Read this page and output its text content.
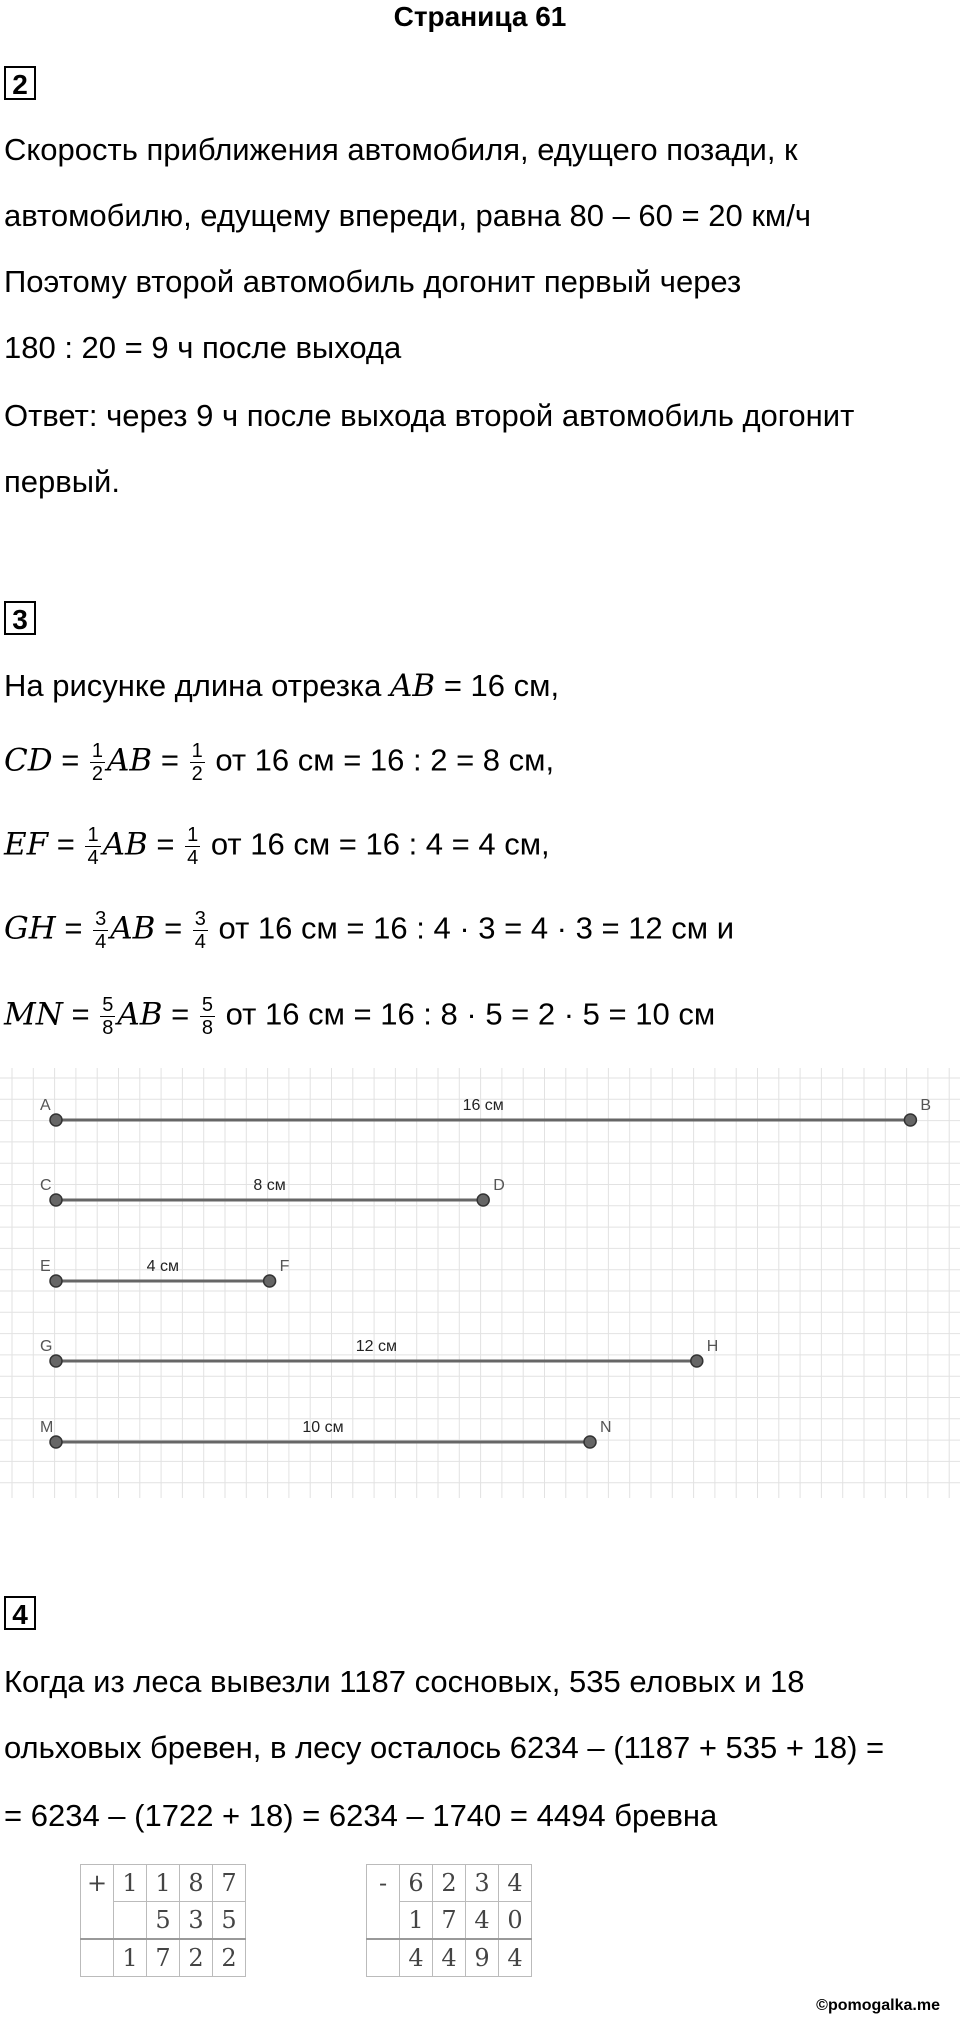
Страница 61
2
Скорость приближения автомобиля, едущего позади, к
автомобилю, едущему впереди, равна 80 – 60 = 20 км/ч
Поэтому второй автомобиль догонит первый через
180 : 20 = 9 ч после выхода
Ответ: через 9 ч после выхода второй автомобиль догонит
первый.
3
На рисунке длина отрезка AB = 16 см,
CD = $\frac{1}{2}$ AB = $\frac{1}{2}$ от 16 см = 16 : 2 = 8 см,
EF = $\frac{1}{4}$ AB = $\frac{1}{4}$ от 16 см = 16 : 4 = 4 см,
GH = $\frac{3}{4}$ AB = $\frac{3}{4}$ от 16 см = 16 : 4 · 3 = 4 · 3 = 12 см и
MN = $\frac{5}{8}$ AB = $\frac{5}{8}$ от 16 см = 16 : 8 · 5 = 2 · 5 = 10 см
A	B
16 см
C	D
8 см
E	F
4 см
G	H
12 см
M	N
10 см
4
Когда из леса вывезли 1187 сосновых, 535 еловых и 18
ольховых бревен, в лесу осталось 6234 – (1187 + 535 + 18) =
= 6234 – (1722 + 18) = 6234 – 1740 = 4494 бревна
+	1	1	8	7
		5	3	5
	1	7	2	2
-	6	2	3	4
	1	7	4	0
	4	4	9	4
©pomogalka.me
